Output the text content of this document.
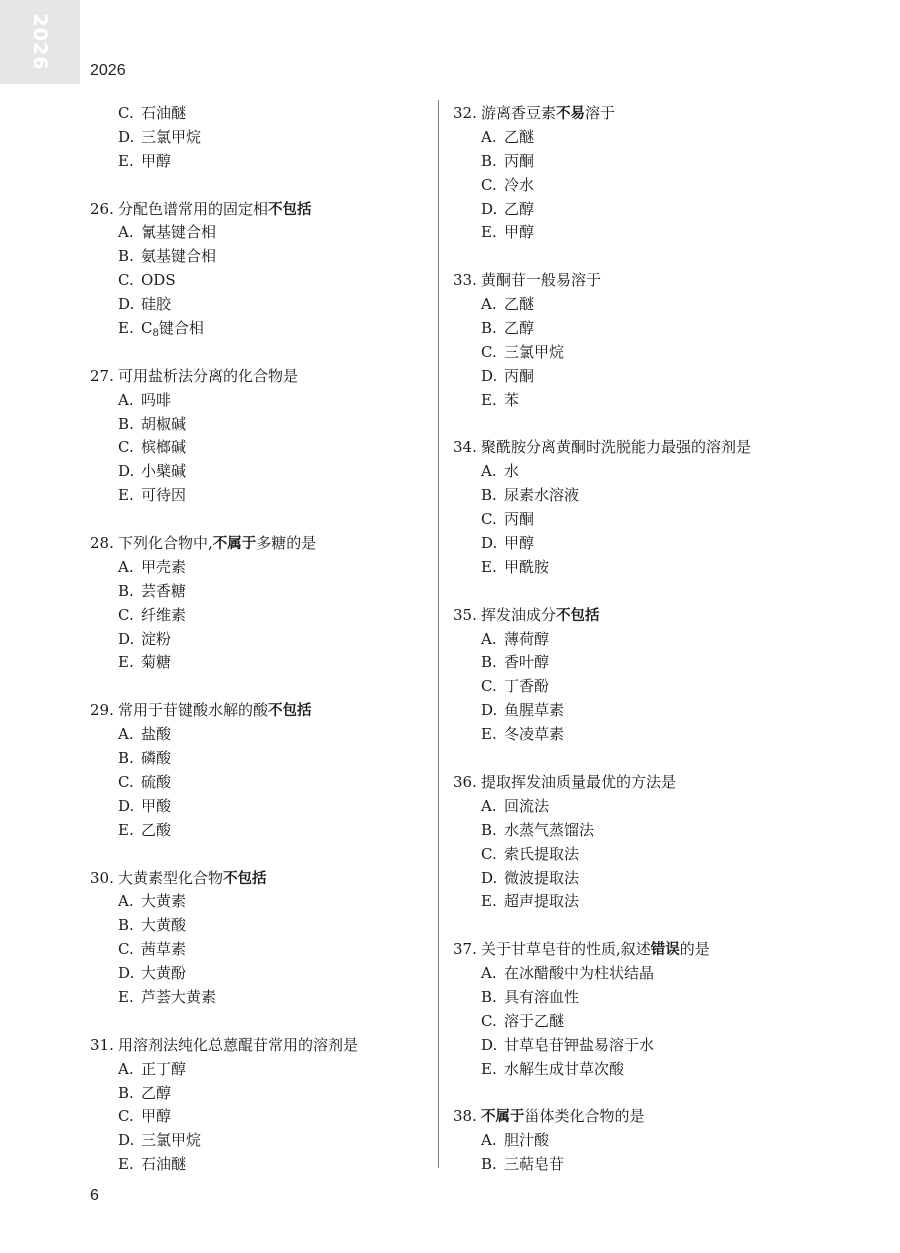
2026
2026
C. 石油醚
D. 三氯甲烷
E. 甲醇
26. 分配色谱常用的固定相不包括
A. 氰基键合相
B. 氨基键合相
C. ODS
D. 硅胶
E. $C_8$键合相
27. 可用盐析法分离的化合物是
A. 吗啡
B. 胡椒碱
C. 槟榔碱
D. 小檗碱
E. 可待因
28. 下列化合物中,不属于多糖的是
A. 甲壳素
B. 芸香糖
C. 纤维素
D. 淀粉
E. 菊糖
29. 常用于苷键酸水解的酸不包括
A. 盐酸
B. 磷酸
C. 硫酸
D. 甲酸
E. 乙酸
30. 大黄素型化合物不包括
A. 大黄素
B. 大黄酸
C. 茜草素
D. 大黄酚
E. 芦荟大黄素
31. 用溶剂法纯化总蒽醌苷常用的溶剂是
A. 正丁醇
B. 乙醇
C. 甲醇
D. 三氯甲烷
E. 石油醚
32. 游离香豆素不易溶于
A. 乙醚
B. 丙酮
C. 冷水
D. 乙醇
E. 甲醇
33. 黄酮苷一般易溶于
A. 乙醚
B. 乙醇
C. 三氯甲烷
D. 丙酮
E. 苯
34. 聚酰胺分离黄酮时洗脱能力最强的溶剂是
A. 水
B. 尿素水溶液
C. 丙酮
D. 甲醇
E. 甲酰胺
35. 挥发油成分不包括
A. 薄荷醇
B. 香叶醇
C. 丁香酚
D. 鱼腥草素
E. 冬凌草素
36. 提取挥发油质量最优的方法是
A. 回流法
B. 水蒸气蒸馏法
C. 索氏提取法
D. 微波提取法
E. 超声提取法
37. 关于甘草皂苷的性质,叙述错误的是
A. 在冰醋酸中为柱状结晶
B. 具有溶血性
C. 溶于乙醚
D. 甘草皂苷钾盐易溶于水
E. 水解生成甘草次酸
38. 不属于甾体类化合物的是
A. 胆汁酸
B. 三萜皂苷
6
